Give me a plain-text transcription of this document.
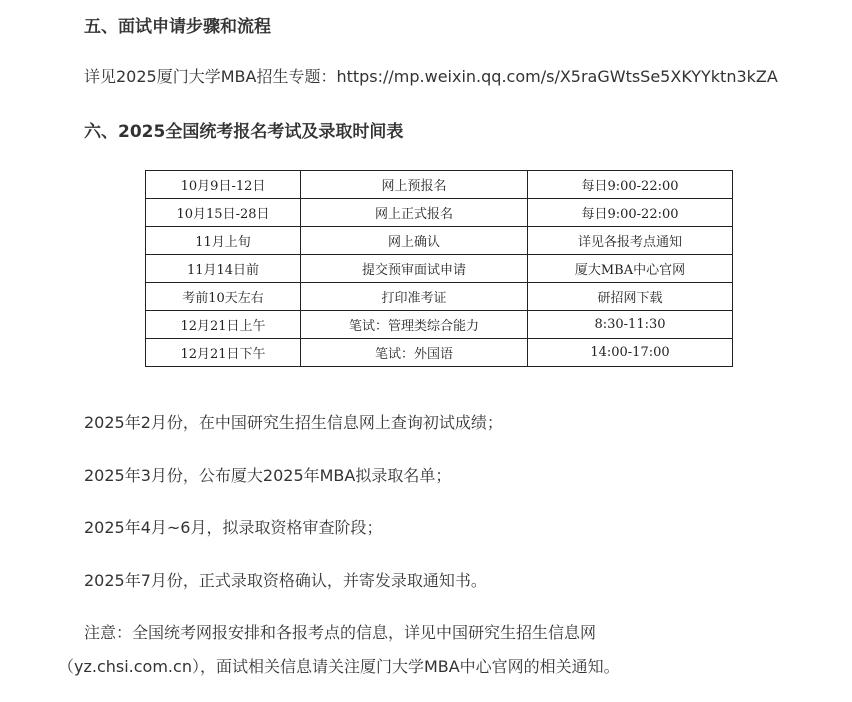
五、面试申请步骤和流程
详见2025厦门大学MBA招生专题：https://mp.weixin.qq.com/s/X5raGWtsSe5XKYYktn3kZA
六、2025全国统考报名考试及录取时间表
10月9日-12日	网上预报名	每日9:00-22:00
10月15日-28日	网上正式报名	每日9:00-22:00
11月上旬	网上确认	详见各报考点通知
11月14日前	提交预审面试申请	厦大MBA中心官网
考前10天左右	打印准考证	研招网下载
12月21日上午	笔试：管理类综合能力	8:30-11:30
12月21日下午	笔试：外国语	14:00-17:00
2025年2月份，在中国研究生招生信息网上查询初试成绩；
2025年3月份，公布厦大2025年MBA拟录取名单；
2025年4月~6月，拟录取资格审查阶段；
2025年7月份，正式录取资格确认，并寄发录取通知书。
注意：全国统考网报安排和各报考点的信息，详见中国研究生招生信息网
（yz.chsi.com.cn），面试相关信息请关注厦门大学MBA中心官网的相关通知。
